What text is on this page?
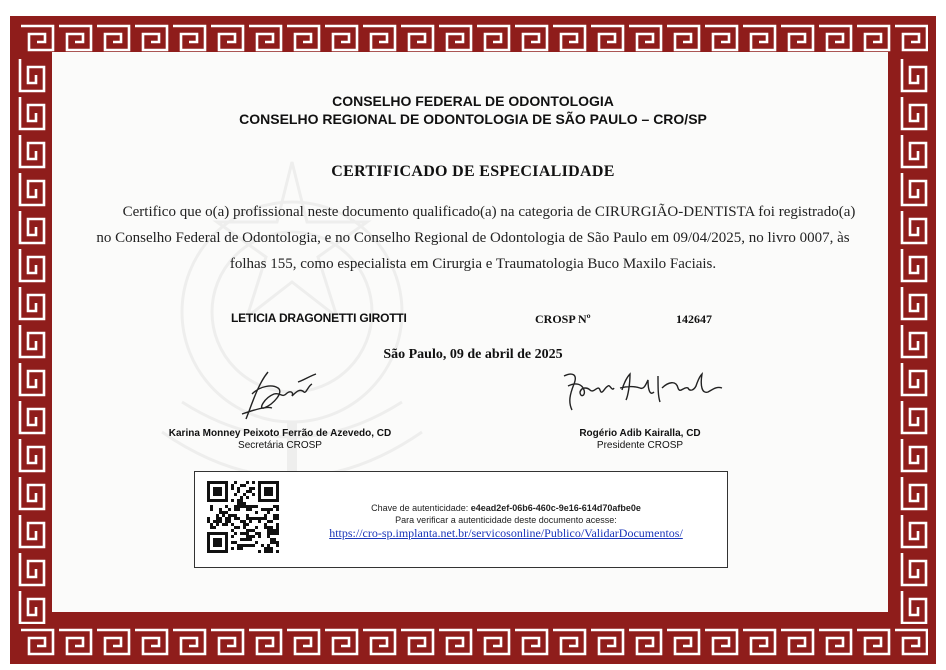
CONSELHO FEDERAL DE ODONTOLOGIA
CONSELHO REGIONAL DE ODONTOLOGIA DE SÃO PAULO – CRO/SP
CERTIFICADO DE ESPECIALIDADE
Certifico que o(a) profissional neste documento qualificado(a) na categoria de CIRURGIÃO-DENTISTA foi registrado(a)
no Conselho Federal de Odontologia, e no Conselho Regional de Odontologia de São Paulo em 09/04/2025, no livro 0007, às
folhas 155, como especialista em Cirurgia e Traumatologia Buco Maxilo Faciais.
LETICIA DRAGONETTI GIROTTI	CROSP Nº	142647
São Paulo, 09 de abril de 2025
Karina Monney Peixoto Ferrão de Azevedo, CD
Secretária CROSP
Rogério Adib Kairalla, CD
Presidente CROSP
Chave de autenticidade: e4ead2ef-06b6-460c-9e16-614d70afbe0e
Para verificar a autenticidade deste documento acesse:
https://cro-sp.implanta.net.br/servicosonline/Publico/ValidarDocumentos/
